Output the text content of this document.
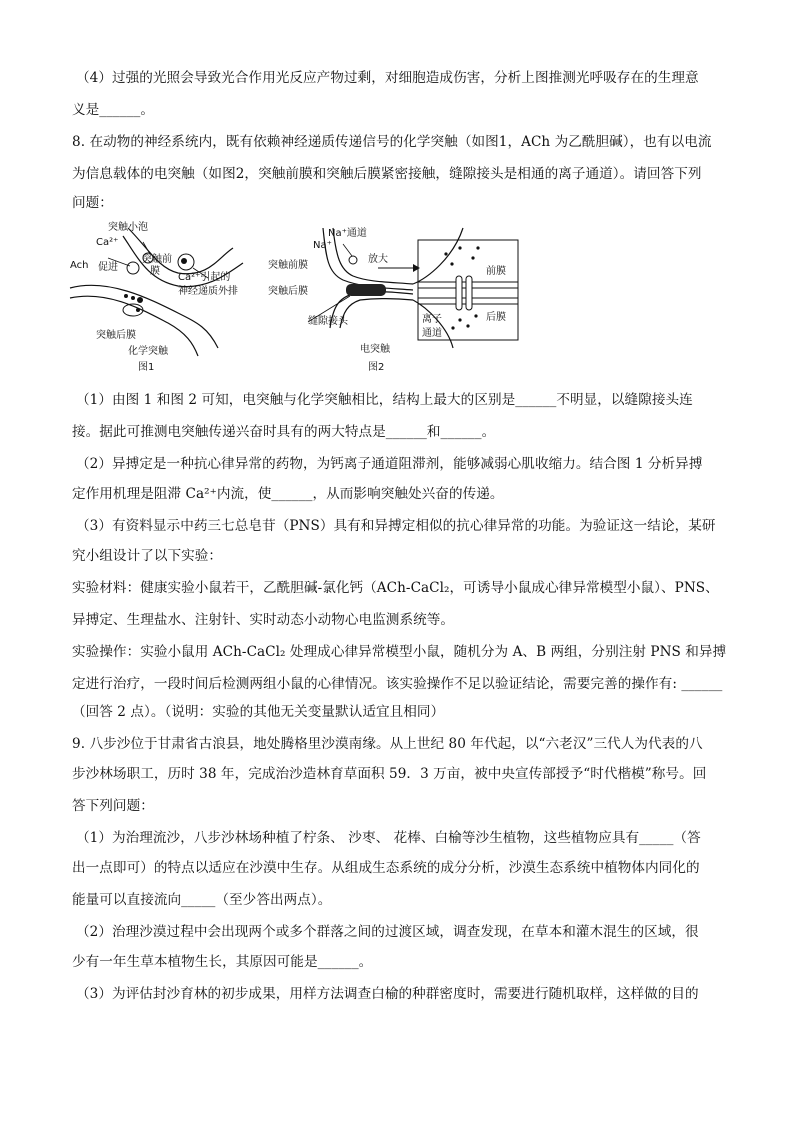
（4）过强的光照会导致光合作用光反应产物过剩，对细胞造成伤害，分析上图推测光呼吸存在的生理意
义是______。
8. 在动物的神经系统内，既有依赖神经递质传递信号的化学突触（如图1，ACh 为乙酰胆碱），也有以电流
为信息载体的电突触（如图2，突触前膜和突触后膜紧密接触，缝隙接头是相通的离子通道）。请回答下列
问题：
突触小泡
Ca²⁺
Ach 促进
突触前
膜
Ca²⁺引起的
神经递质外排
突触后膜
化学突触
图1
Na⁺通道
Na⁺
突触前膜
突触后膜
缝隙接头
电突触
图2
放大
前膜
后膜
离子
通道
（1）由图 1 和图 2 可知，电突触与化学突触相比，结构上最大的区别是______不明显，以缝隙接头连
接。据此可推测电突触传递兴奋时具有的两大特点是______和______。
（2）异搏定是一种抗心律异常的药物，为钙离子通道阻滞剂，能够减弱心肌收缩力。结合图 1 分析异搏
定作用机理是阻滞 Ca²⁺内流，使______，从而影响突触处兴奋的传递。
（3）有资料显示中药三七总皂苷（PNS）具有和异搏定相似的抗心律异常的功能。为验证这一结论，某研
究小组设计了以下实验：
实验材料：健康实验小鼠若干，乙酰胆碱-氯化钙（ACh-CaCl₂，可诱导小鼠成心律异常模型小鼠）、PNS、
异搏定、生理盐水、注射针、实时动态小动物心电监测系统等。
实验操作：实验小鼠用 ACh-CaCl₂ 处理成心律异常模型小鼠，随机分为 A、B 两组，分别注射 PNS 和异搏
定进行治疗，一段时间后检测两组小鼠的心律情况。该实验操作不足以验证结论，需要完善的操作有: ______
（回答 2 点）。（说明：实验的其他无关变量默认适宜且相同）
9. 八步沙位于甘肃省古浪县，地处腾格里沙漠南缘。从上世纪 80 年代起，以“六老汉”三代人为代表的八
步沙林场职工，历时 38 年，完成治沙造林育草面积 59．3 万亩，被中央宣传部授予“时代楷模”称号。回
答下列问题：
（1）为治理流沙，八步沙林场种植了柠条、 沙枣、 花棒、白榆等沙生植物，这些植物应具有_____（答
出一点即可）的特点以适应在沙漠中生存。从组成生态系统的成分分析，沙漠生态系统中植物体内同化的
能量可以直接流向_____（至少答出两点）。
（2）治理沙漠过程中会出现两个或多个群落之间的过渡区域，调查发现，在草本和灌木混生的区域，很
少有一年生草本植物生长，其原因可能是______。
（3）为评估封沙育林的初步成果，用样方法调查白榆的种群密度时，需要进行随机取样，这样做的目的
